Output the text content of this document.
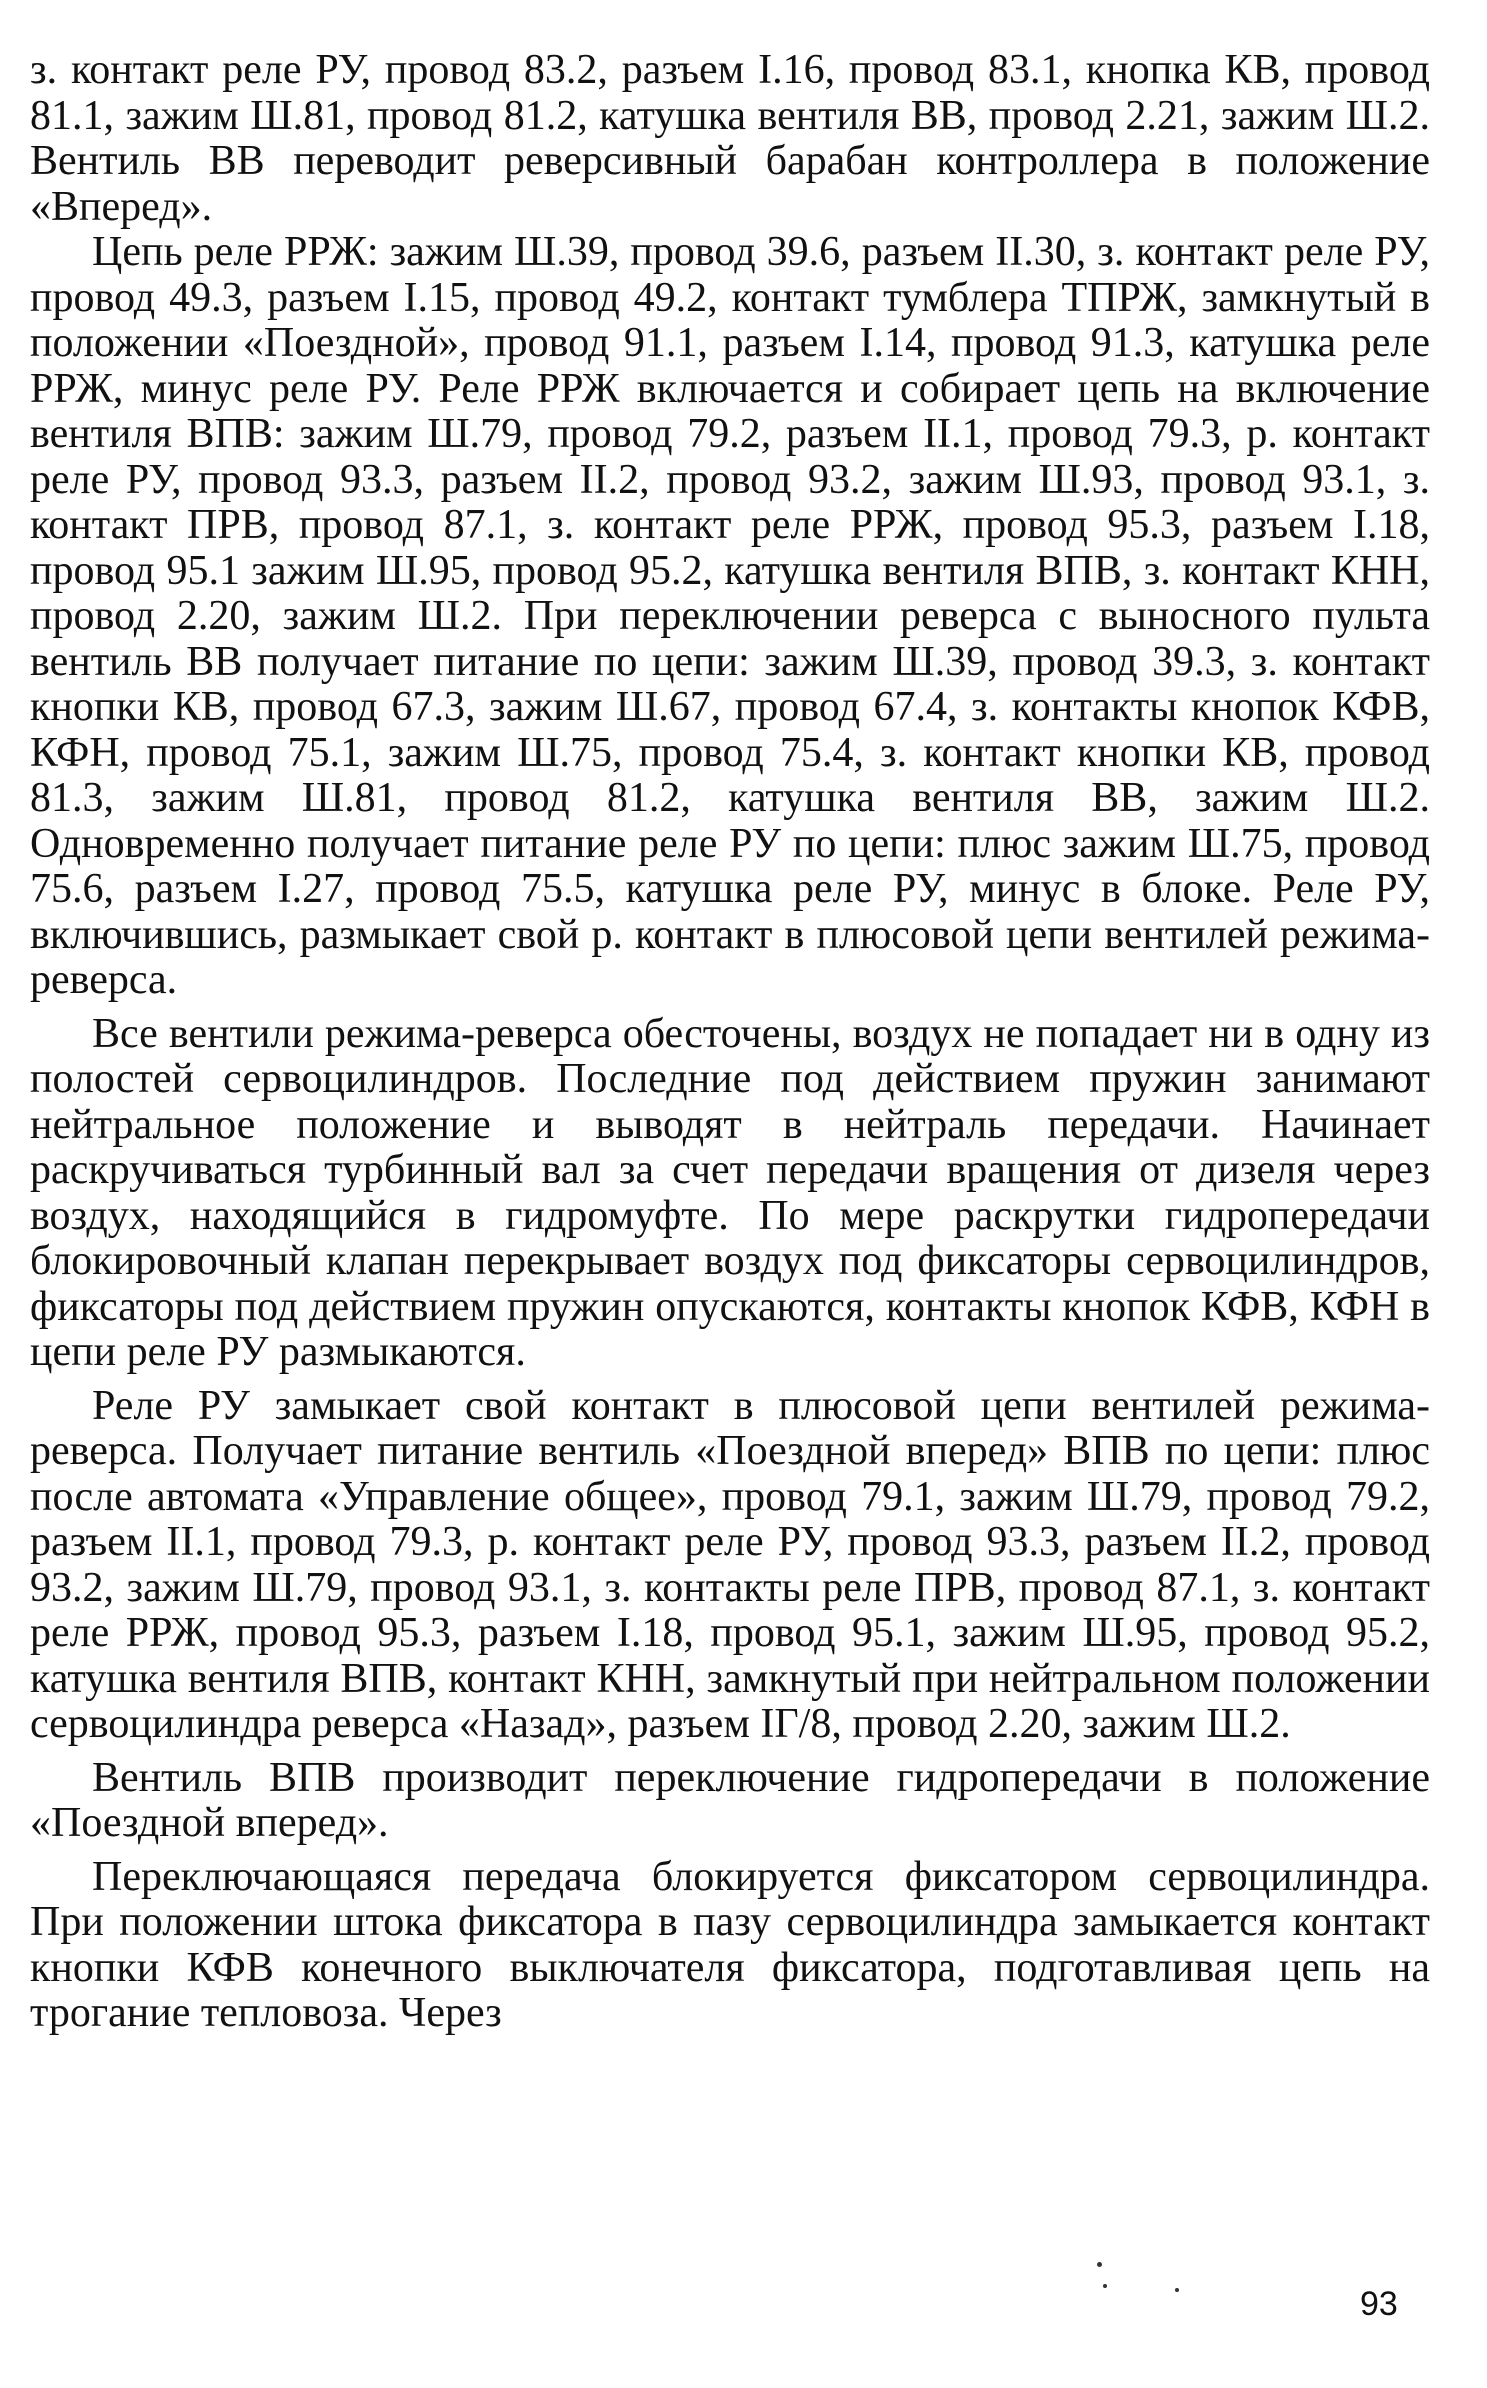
з. контакт реле РУ, провод 83.2, разъем I.16, провод 83.1, кнопка КВ, провод 81.1, зажим Ш.81, провод 81.2, катушка вентиля ВВ, провод 2.21, зажим Ш.2. Вентиль ВВ переводит реверсивный барабан контроллера в положение «Вперед».

Цепь реле РРЖ: зажим Ш.39, провод 39.6, разъем II.30, з. контакт реле РУ, провод 49.3, разъем I.15, провод 49.2, контакт тумблера ТПРЖ, замкнутый в положении «Поездной», провод 91.1, разъем I.14, провод 91.3, катушка реле РРЖ, минус реле РУ. Реле РРЖ включается и собирает цепь на включение вентиля ВПВ: зажим Ш.79, провод 79.2, разъем II.1, провод 79.3, р. контакт реле РУ, провод 93.3, разъем II.2, провод 93.2, зажим Ш.93, провод 93.1, з. контакт ПРВ, провод 87.1, з. контакт реле РРЖ, провод 95.3, разъем I.18, провод 95.1 зажим Ш.95, провод 95.2, катушка вентиля ВПВ, з. контакт КНН, провод 2.20, зажим Ш.2. При переключении реверса с выносного пульта вентиль ВВ получает питание по цепи: зажим Ш.39, провод 39.3, з. контакт кнопки КВ, провод 67.3, зажим Ш.67, провод 67.4, з. контакты кнопок КФВ, КФН, провод 75.1, зажим Ш.75, провод 75.4, з. контакт кнопки КВ, провод 81.3, зажим Ш.81, провод 81.2, катушка вентиля ВВ, зажим Ш.2. Одновременно получает питание реле РУ по цепи: плюс зажим Ш.75, провод 75.6, разъем I.27, провод 75.5, катушка реле РУ, минус в блоке. Реле РУ, включившись, размыкает свой р. контакт в плюсовой цепи вентилей режима-реверса.

Все вентили режима-реверса обесточены, воздух не попадает ни в одну из полостей сервоцилиндров. Последние под действием пружин занимают нейтральное положение и выводят в нейтраль передачи. Начинает раскручиваться турбинный вал за счет передачи вращения от дизеля через воздух, находящийся в гидромуфте. По мере раскрутки гидропередачи блокировочный клапан перекрывает воздух под фиксаторы сервоцилиндров, фиксаторы под действием пружин опускаются, контакты кнопок КФВ, КФН в цепи реле РУ размыкаются.

Реле РУ замыкает свой контакт в плюсовой цепи вентилей режима-реверса. Получает питание вентиль «Поездной вперед» ВПВ по цепи: плюс после автомата «Управление общее», провод 79.1, зажим Ш.79, провод 79.2, разъем II.1, провод 79.3, р. контакт реле РУ, провод 93.3, разъем II.2, провод 93.2, зажим Ш.79, провод 93.1, з. контакты реле ПРВ, провод 87.1, з. контакт реле РРЖ, провод 95.3, разъем I.18, провод 95.1, зажим Ш.95, провод 95.2, катушка вентиля ВПВ, контакт КНН, замкнутый при нейтральном положении сервоцилиндра реверса «Назад», разъем IГ/8, провод 2.20, зажим Ш.2.

Вентиль ВПВ производит переключение гидропередачи в положение «Поездной вперед».

Переключающаяся передача блокируется фиксатором сервоцилиндра. При положении штока фиксатора в пазу сервоцилиндра замыкается контакт кнопки КФВ конечного выключателя фиксатора, подготавливая цепь на трогание тепловоза. Через

93
